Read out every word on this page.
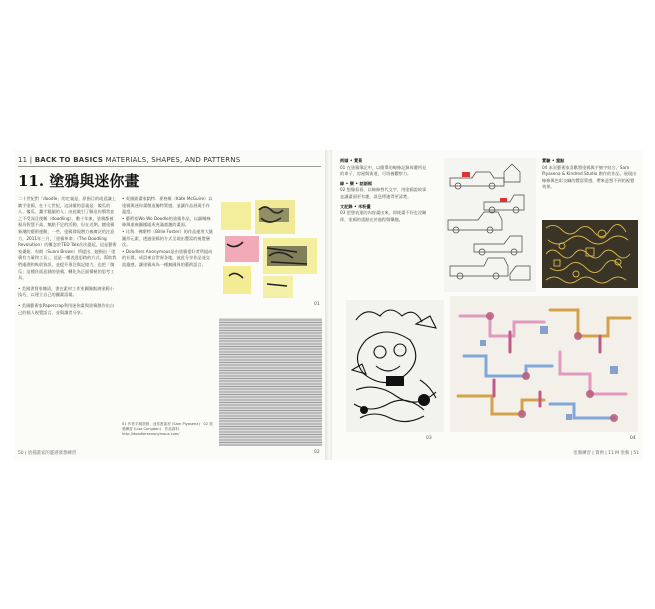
11 | BACK TO BASICS MATERIALS, SHAPES, AND PATTERNS
11. 塗鴉與迷你畫
二十世紀對「doodle」的定義是，原指目的或意識上隨手塗鴉，在十七世紀，這詞彙的意義是：傻瓜的人、傻瓜、蠢手粗陋的人；由此做引了解這份慣常並之不受深且使稱（doodling）、數十年來，塗鴉都被視為智慧不高、無點不足的活動，但在近期，隨塗鴉新潮的藝術運動，一些，塗鴉發現潛力被廣泛的注意力，2011年三月，「塗鴉革命」（The Doodling Revolution）的概念於TED Talk首次提起，這是藝術家桑妮．布朗（Sunni Brown）所提出，她指出「塗鴉有力量和工具」，這是一種表達思路的方式，幫助我們處理和吸收資訊，並提升專注與記憶力，也把「傻瓜」這種負面意涵的塗鴉，轉化為正面積極的思考工具。
• 美國書寫家陳清，書在素材工作室圖像點滴塗鴉小技巧，以建立自己的圖畫語彙。
• 美國藝術家Papercrap利用迷你畫與塗鴉創作出自己的個人視覺語言，並與讀者分享。
• 英國插畫家凱特．麥格維（Kate McGuire）以塗鴉與迷你畫創造獨特質感，並讓作品展現手作溫度。
• 藝術家Wo Wo Doodle的塗鴉作品，以細緻線條與重複圖樣組成充滿童趣的畫面。
• 比利．佛斯特（Billie Foster）的作品運用大量圖形元素，透過塗鴉的方式呈現出豐富的視覺層次。
• Doodlers Anonymous是由塗鴉愛好者所組成的社群，成員來自世界各地，彼此分享作品並交流靈感，讓塗鴉成為一種無國界的藝術語言。
01
02
01 作者手稿塗鴉、迷你畫素材 (Sam Piyasena)　02 塗鴉練習 (Lisa Congdon)　作品資料：http://doodlersanonymous.com/
50 | 給插畫家的靈感發想練習
街頭 • 實景
01 在塗鴉筆記中，以簡單的線條記錄周遭所見的車子、房屋與街道，可培養觀察力。
線 • 樂 • 話語框
02 想像看看，以線條替代文字，用塗鴉說故事並讓畫面更有趣，訊息傳遞得更清楚。
文記錄 • 米粉畫
03 把想表達的內容畫出來，即使畫不好也沒關係，塗鴉的重點在於過程與樂趣。
實驗 • 重點
04 本頁藝術家喜歡將塗鴉與手繪字結合，Sam Piyasena & Kindred Studio 創作的作品，展現出線條與色彩交織的豐富質感，帶來意想不到的視覺效果。
03	04
塗鴉練習 | 實例 | 11 M 塗鴉 | 51
